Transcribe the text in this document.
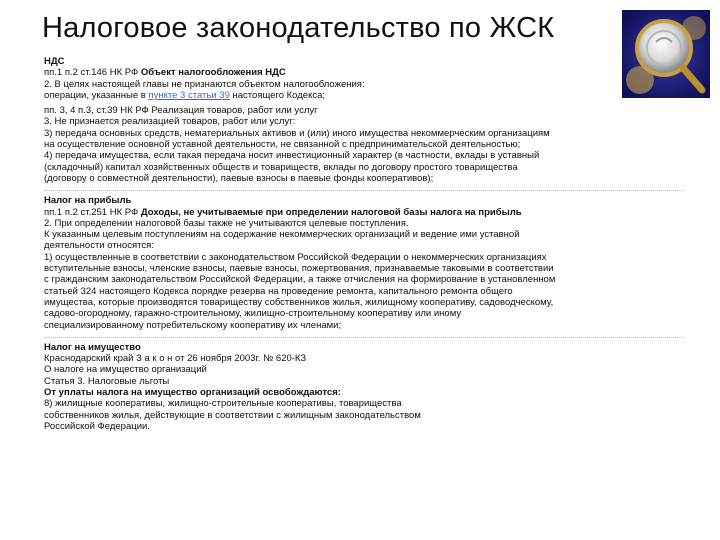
Налоговое законодательство по ЖСК
НДС
пп.1 п.2 ст.146 НК РФ Объект налогообложения НДС
2. В целях настоящей главы не признаются объектом налогообложения:
операции, указанные в пункте 3 статьи 39 настоящего Кодекса;
пп. 3, 4 п.3, ст.39 НК РФ Реализация товаров, работ или услуг
3. Не признается реализацией товаров, работ или услуг:
3) передача основных средств, нематериальных активов и (или) иного имущества некоммерческим организациям
на осуществление основной уставной деятельности, не связанной с предпринимательской деятельностью;
4) передача имущества, если такая передача носит инвестиционный характер (в частности, вклады в уставный
(складочный) капитал хозяйственных обществ и товариществ, вклады по договору простого товарищества
(договору о совместной деятельности), паевые взносы в паевые фонды кооперативов);
Налог на прибыль
пп.1 п.2 ст.251 НК РФ Доходы, не учитываемые при определении налоговой базы налога на прибыль
2. При определении налоговой базы также не учитываются целевые поступления.
К указанным целевым поступлениям на содержание некоммерческих организаций и ведение ими уставной
деятельности относятся:
1) осуществленные в соответствии с законодательством Российской Федерации о некоммерческих организациях
вступительные взносы, членские взносы, паевые взносы, пожертвования, признаваемые таковыми в соответствии
с гражданским законодательством Российской Федерации, а также отчисления на формирование в установленном
статьей 324 настоящего Кодекса порядке резерва на проведение ремонта, капитального ремонта общего
имущества, которые производятся товариществу собственников жилья, жилищному кооперативу, садоводческому,
садово-огородному, гаражно-строительному, жилищно-строительному кооперативу или иному
специализированному потребительскому кооперативу их членами;
Налог на имущество
Краснодарский край З а к о н от 26 ноября 2003г. № 620-КЗ
О налоге на имущество организаций
Статья 3. Налоговые льготы
От уплаты налога на имущество организаций освобождаются:
8) жилищные кооперативы, жилищно-строительные кооперативы, товарищества
собственников жилья, действующие в соответствии с жилищным законодательством
Российской Федерации.
